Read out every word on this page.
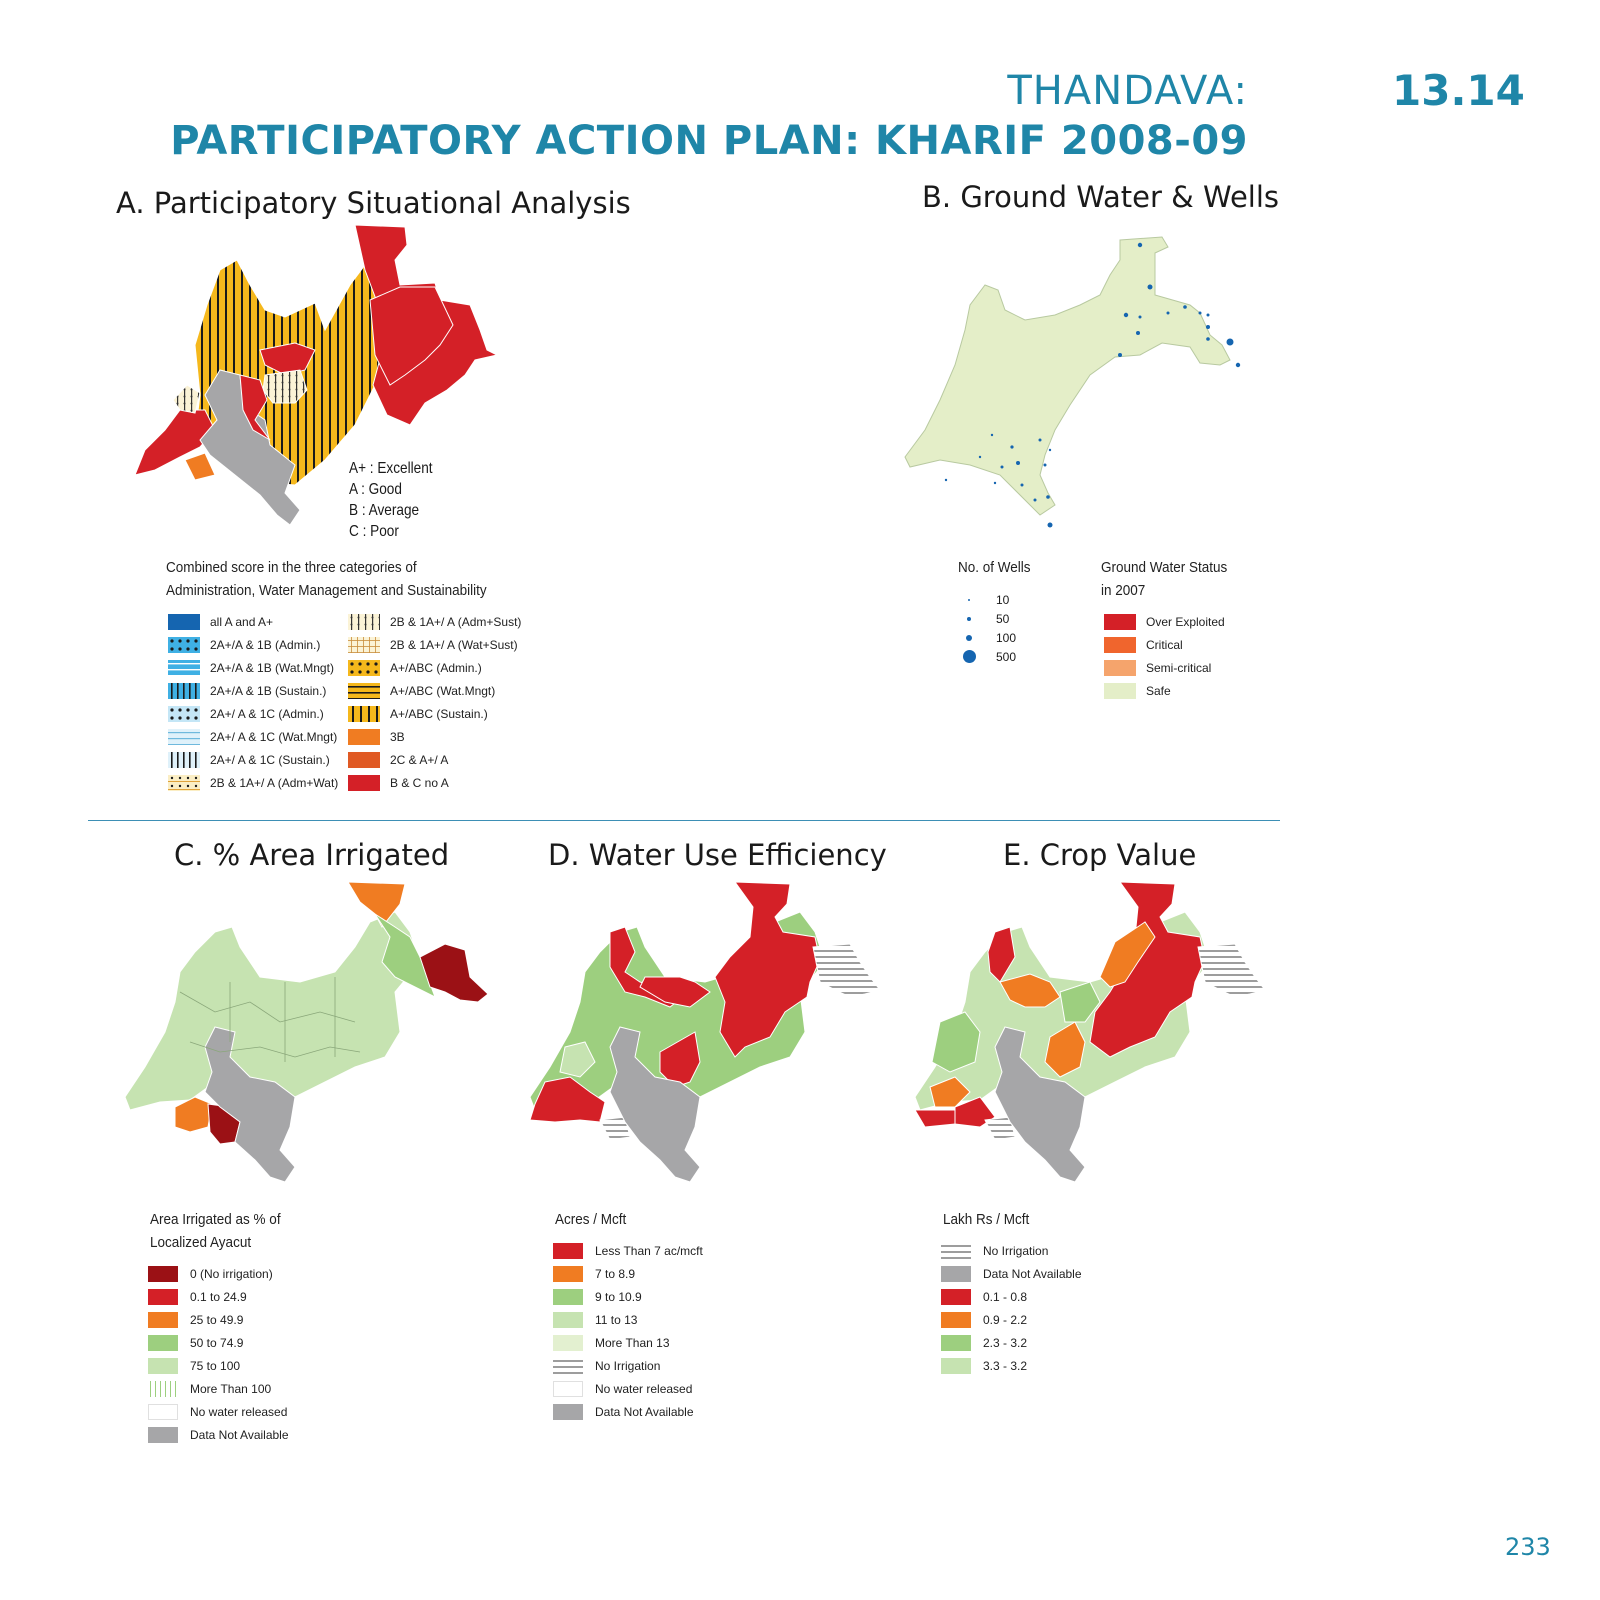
THANDAVA:	13.14
PARTICIPATORY ACTION PLAN: KHARIF 2008-09
A. Participatory Situational Analysis
A+ : Excellent
A : Good
B : Average
C : Poor
Combined score in the three categories of
Administration, Water Management and Sustainability
all A and A+
2A+/A & 1B (Admin.)
2A+/A & 1B (Wat.Mngt)
2A+/A & 1B (Sustain.)
2A+/ A & 1C (Admin.)
2A+/ A & 1C (Wat.Mngt)
2A+/ A & 1C (Sustain.)
2B & 1A+/ A (Adm+Wat)
2B & 1A+/ A (Adm+Sust)
2B & 1A+/ A (Wat+Sust)
A+/ABC (Admin.)
A+/ABC (Wat.Mngt)
A+/ABC (Sustain.)
3B
2C & A+/ A
B & C no A
B. Ground Water & Wells
No. of Wells
10
50
100
500
Ground Water Status
in 2007
Over Exploited
Critical
Semi-critical
Safe
C. % Area Irrigated
Area Irrigated as % of
Localized Ayacut
0 (No irrigation)
0.1 to 24.9
25 to 49.9
50 to 74.9
75 to 100
More Than 100
No water released
Data Not Available
D. Water Use Efficiency
Acres / Mcft
Less Than 7 ac/mcft
7 to 8.9
9 to 10.9
11 to 13
More Than 13
No Irrigation
No water released
Data Not Available
E. Crop Value
Lakh Rs / Mcft
No Irrigation
Data Not Available
0.1 - 0.8
0.9 - 2.2
2.3 - 3.2
3.3 - 3.2
233
